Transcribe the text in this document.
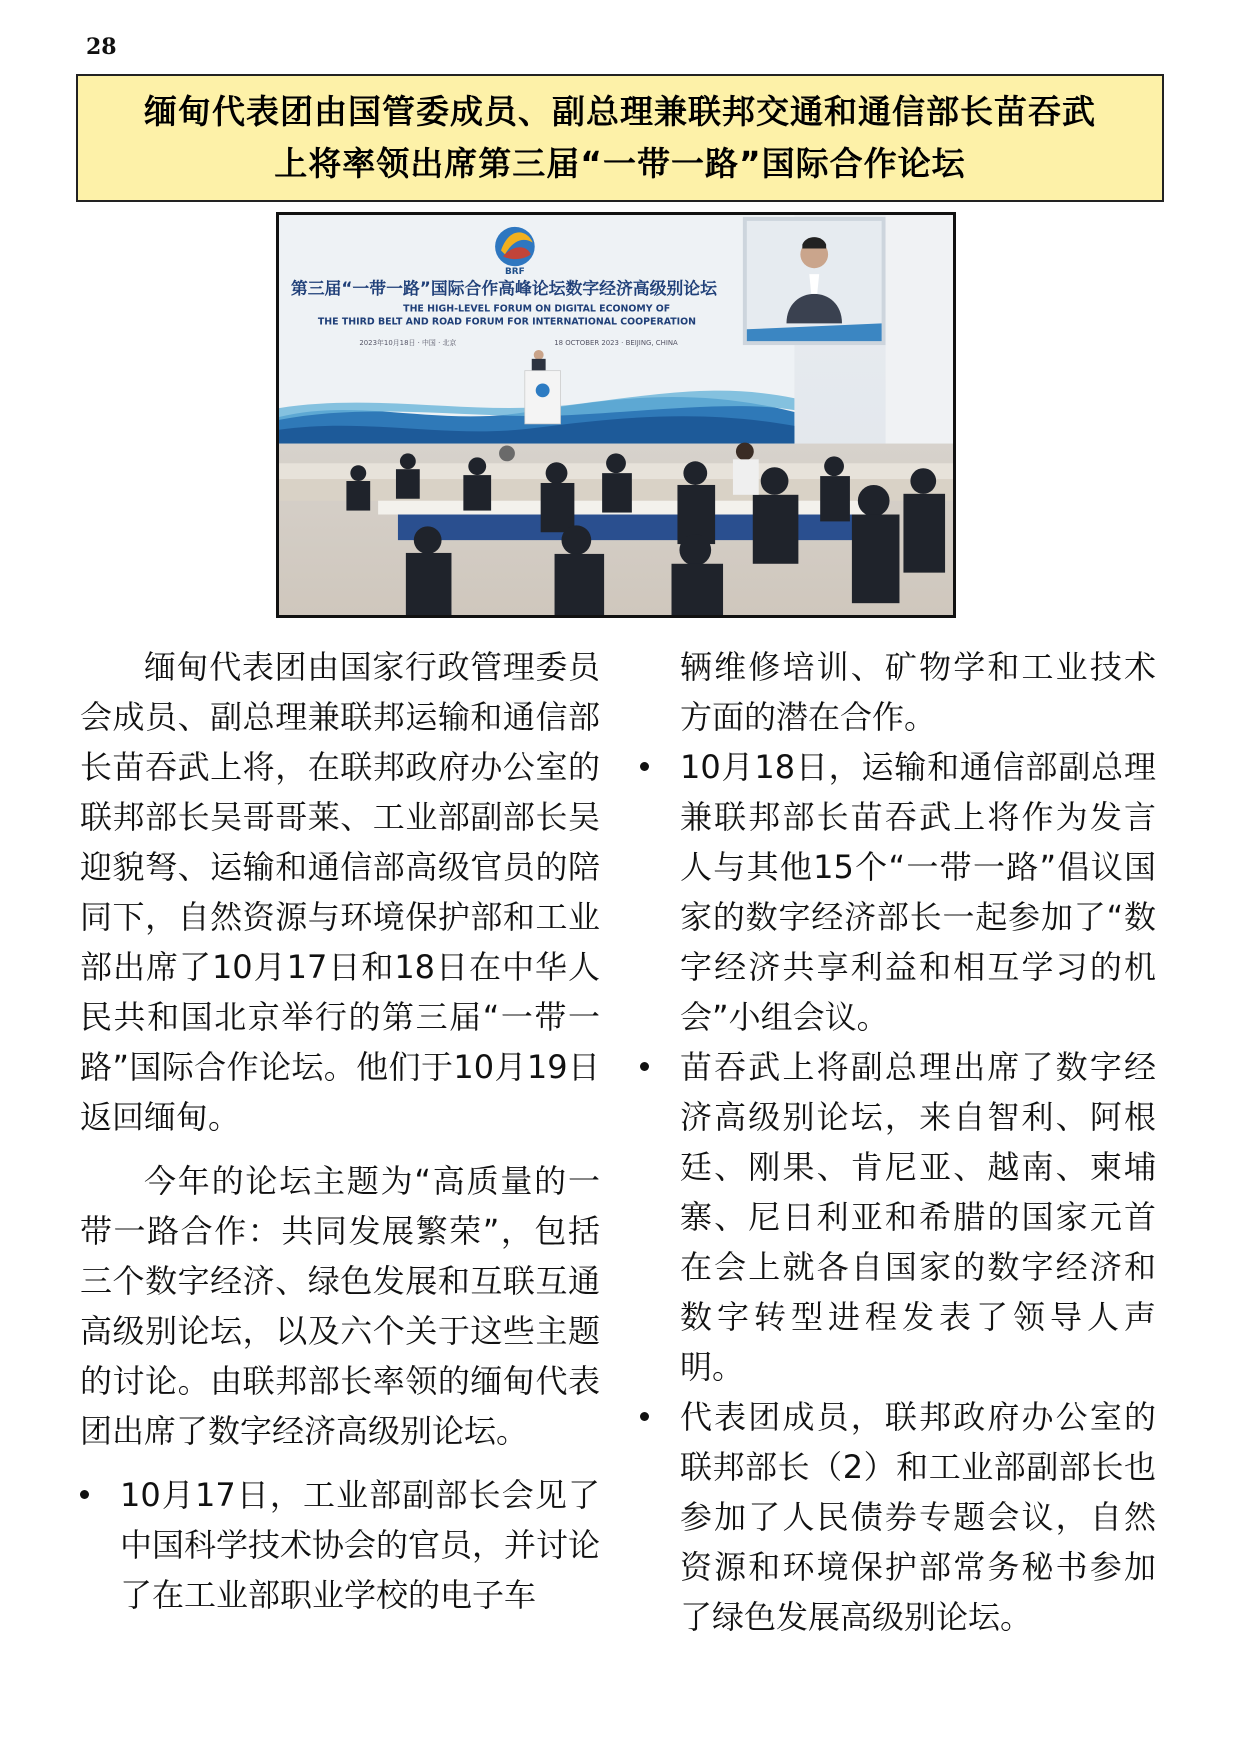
28
缅甸代表团由国管委成员、副总理兼联邦交通和通信部长苗吞武
上将率领出席第三届“一带一路”国际合作论坛
BRF
第三届“一带一路”国际合作高峰论坛数字经济高级别论坛
THE HIGH-LEVEL FORUM ON DIGITAL ECONOMY OF
THE THIRD BELT AND ROAD FORUM FOR INTERNATIONAL COOPERATION
2023年10月18日 · 中国 · 北京	18 OCTOBER 2023 · BEIJING, CHINA

缅甸代表团由国家行政管理委员会成员、副总理兼联邦运输和通信部长苗吞武上将，在联邦政府办公室的联邦部长吴哥哥莱、工业部副部长吴迎貌弩、运输和通信部高级官员的陪同下，自然资源与环境保护部和工业部出席了10月17日和18日在中华人民共和国北京举行的第三届“一带一路”国际合作论坛。他们于10月19日返回缅甸。

今年的论坛主题为“高质量的一带一路合作：共同发展繁荣”，包括三个数字经济、绿色发展和互联互通高级别论坛，以及六个关于这些主题的讨论。由联邦部长率领的缅甸代表团出席了数字经济高级别论坛。

10月17日，工业部副部长会见了中国科学技术协会的官员，并讨论了在工业部职业学校的电子车
辆维修培训、矿物学和工业技术方面的潜在合作。
10月18日，运输和通信部副总理兼联邦部长苗吞武上将作为发言人与其他15个“一带一路”倡议国家的数字经济部长一起参加了“数字经济共享利益和相互学习的机会”小组会议。
苗吞武上将副总理出席了数字经济高级别论坛，来自智利、阿根廷、刚果、肯尼亚、越南、柬埔寨、尼日利亚和希腊的国家元首在会上就各自国家的数字经济和数字转型进程发表了领导人声明。
代表团成员，联邦政府办公室的联邦部长（2）和工业部副部长也参加了人民债券专题会议，自然资源和环境保护部常务秘书参加了绿色发展高级别论坛。
